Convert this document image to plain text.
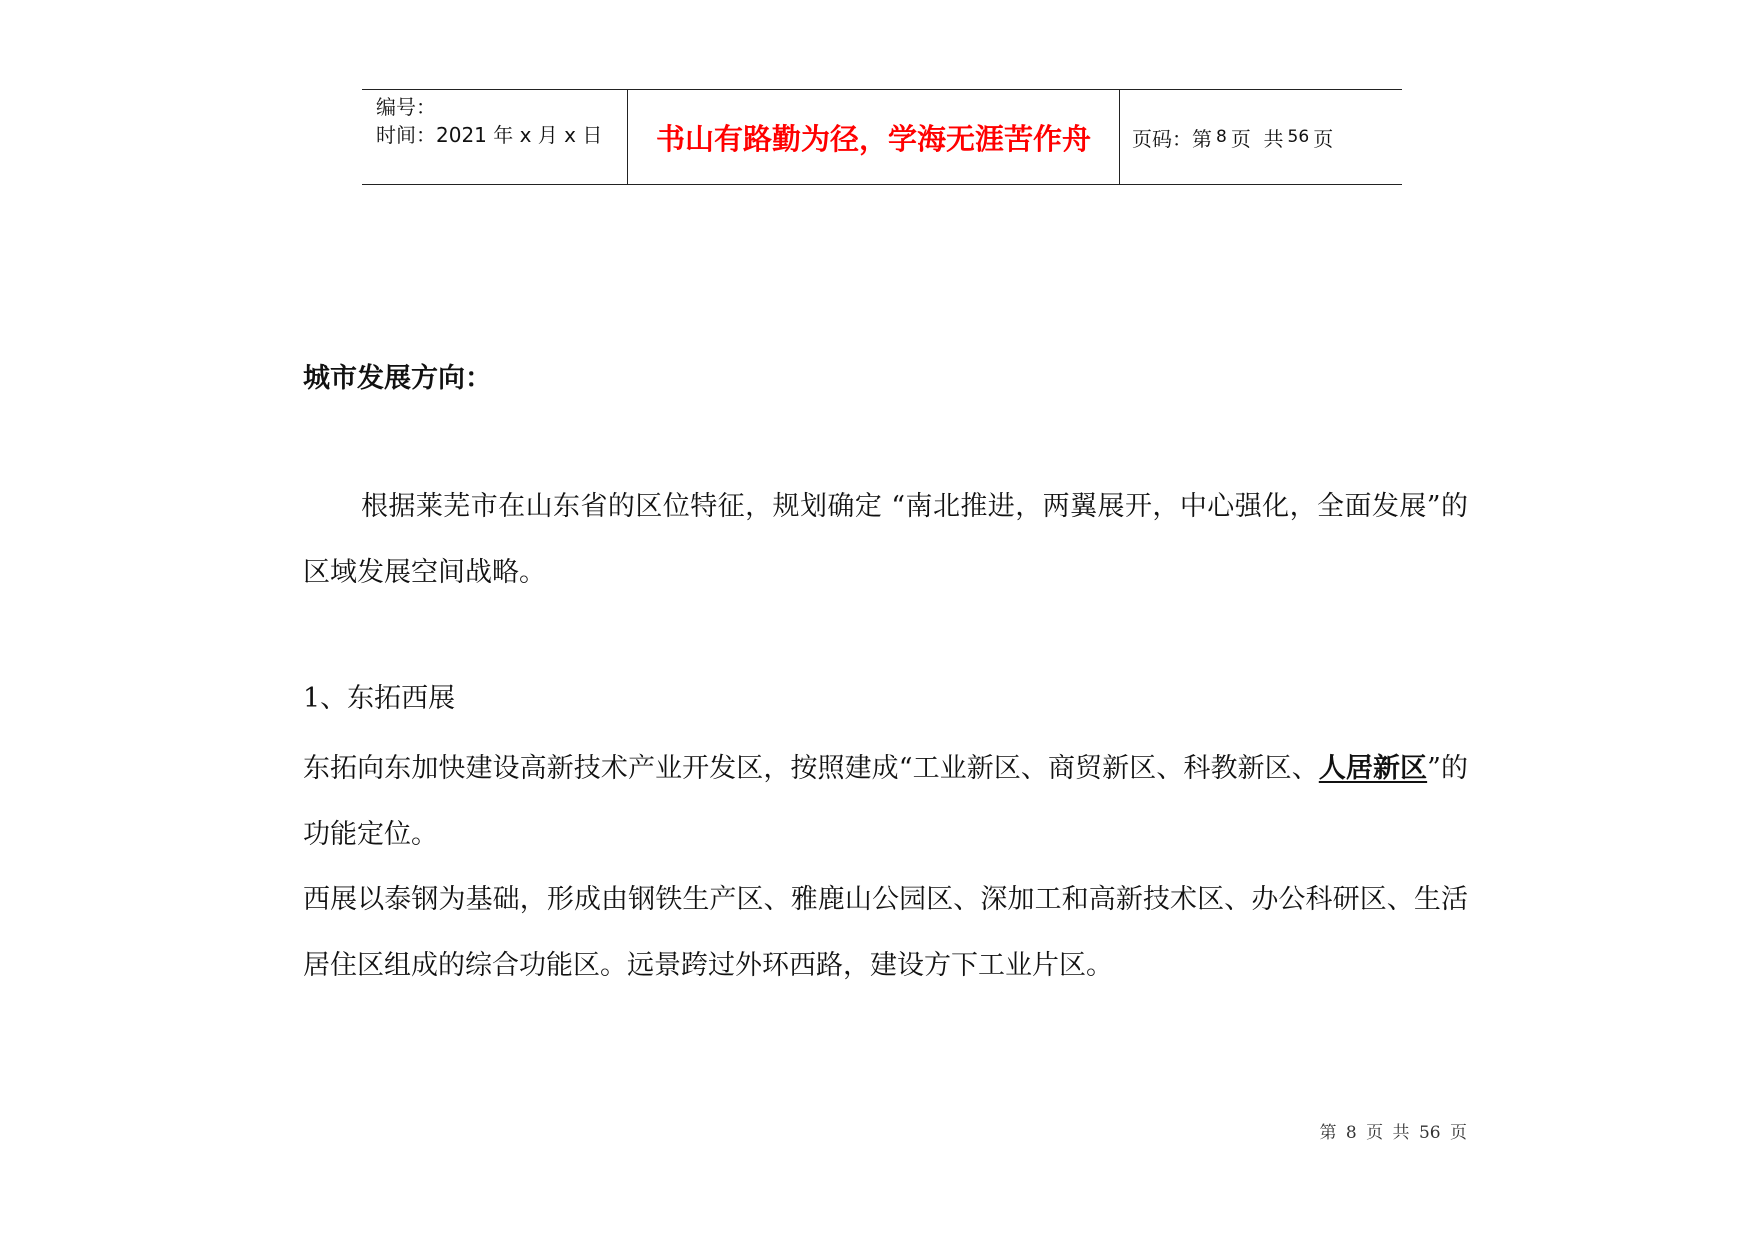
编号：
时间：2021 年 x 月 x 日	书山有路勤为径，学海无涯苦作舟 页码：第 8 页  共 56 页
城市发展方向：
根据莱芜市在山东省的区位特征，规划确定 “南北推进，两翼展开，中心强化，全面发展”的区域发展空间战略。
1、东拓西展
东拓向东加快建设高新技术产业开发区，按照建成“工业新区、商贸新区、科教新区、人居新区”的功能定位。
西展以泰钢为基础，形成由钢铁生产区、雅鹿山公园区、深加工和高新技术区、办公科研区、生活居住区组成的综合功能区。远景跨过外环西路，建设方下工业片区。
第 8 页 共 56 页
